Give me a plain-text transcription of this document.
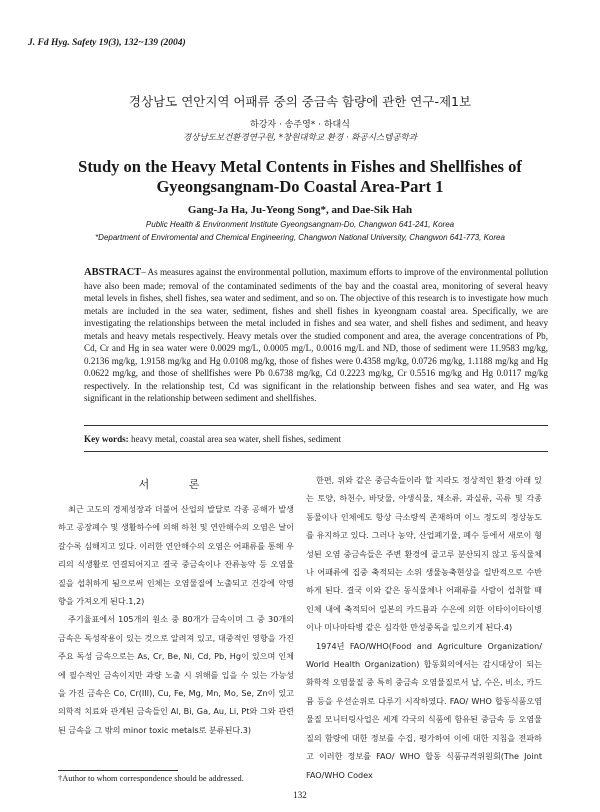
J. Fd Hyg. Safety 19(3), 132~139 (2004)
경상남도 연안지역 어패류 중의 중금속 함량에 관한 연구-제1보
하강자 · 송주영* · 하대식
경상남도보건환경연구원, *창원대학교 환경 · 화공시스템공학과
Study on the Heavy Metal Contents in Fishes and Shellfishes of
Gyeongsangnam-Do Coastal Area-Part 1
Gang-Ja Ha, Ju-Yeong Song*, and Dae-Sik Hah
Public Health & Environment Institute Gyeongsangnam-Do, Changwon 641-241, Korea
*Department of Enviromental and Chemical Engineering, Changwon National University, Changwon 641-773, Korea
ABSTRACT– As measures against the environmental pollution, maximum efforts to improve of the environmental pollution have also been made; removal of the contaminated sediments of the bay and the coastal area, monitoring of several heavy metal levels in fishes, shell fishes, sea water and sediment, and so on. The objective of this research is to investigate how much metals are included in the sea water, sediment, fishes and shell fishes in kyeongnam coastal area. Specifically, we are investigating the relationships between the metal included in fishes and sea water, and shell fishes and sediment, and heavy metals and heavy metals respectively. Heavy metals over the studied component and area, the average concentrations of Pb, Cd, Cr and Hg in sea water were 0.0029 mg/L, 0.0005 mg/L, 0.0016 mg/L and ND, those of sediment were 11.9583 mg/kg, 0.2136 mg/kg, 1.9158 mg/kg and Hg 0.0108 mg/kg, those of fishes were 0.4358 mg/kg, 0.0726 mg/kg, 1.1188 mg/kg and Hg 0.0622 mg/kg, and those of shellfishes were Pb 0.6738 mg/kg, Cd 0.2223 mg/kg, Cr 0.5516 mg/kg and Hg 0.0117 mg/kg respectively. In the relationship test, Cd was significant in the relationship between fishes and sea water, and Hg was significant in the relationship between sediment and shellfishes.
Key words: heavy metal, coastal area sea water, shell fishes, sediment
서 론

최근 고도의 경제성장과 더불어 산업의 발달로 각종 공해가 발생하고 공장폐수 및 생활하수에 의해 하천 및 연안해수의 오염은 날이 갈수록 심해지고 있다. 이러한 연안해수의 오염은 어패류를 통해 우리의 식생활로 연결되어지고 결국 중금속이나 잔류농약 등 오염물질을 섭취하게 됨으로써 인체는 오염물질에 노출되고 건강에 악영향을 가져오게 된다.1,2)

주기율표에서 105개의 원소 중 80개가 금속이며 그 중 30개의 금속은 독성작용이 있는 것으로 알려져 있고, 대중적인 영향을 가진 주요 독성 금속으로는 As, Cr, Be, Ni, Cd, Pb, Hg이 있으며 인체에 필수적인 금속이지만 과량 노출 시 위해를 입을 수 있는 가능성을 가진 금속은 Co, Cr(III), Cu, Fe, Mg, Mn, Mo, Se, Zn이 있고 의학적 치료와 관계된 금속들인 Al, Bi, Ga, Au, Li, Pt와 그와 관련된 금속을 그 밖의 minor toxic metals로 분류된다.3)

한편, 위와 같은 중금속들이라 할 지라도 정상적인 환경 아래 있는 토양, 하천수, 바닷물, 야생식물, 채소류, 과실류, 곡류 및 각종 동물이나 인체에도 항상 극소량씩 존재하며 이느 정도의 정상농도를 유지하고 있다. 그러나 농약, 산업폐기물, 폐수 등에서 새로이 형성된 오염 중금속들은 주변 환경에 골고루 분산되지 않고 동식물체나 어패류에 집중 축적되는 소위 생물농축현상을 일반적으로 수반하게 된다. 결국 이와 같은 동식물체나 어패류를 사람이 섭취할 때 인체 내에 축적되어 일본의 카드뮴과 수은에 의한 이타이이타이병이나 미나마타병 같은 심각한 만성중독을 일으키게 된다.4)

1974년 FAO/WHO(Food and Agriculture Organization/ World Health Organization) 합동회의에서는 감시대상이 되는 화학적 오염물질 중 특히 중금속 오염물질로서 납, 수은, 비소, 카드뮴 등을 우선순위로 다루기 시작하였다. FAO/ WHO 합동식품오염물질 모니터링사업은 세계 각국의 식품에 함유된 중금속 등 오염물질의 함량에 대한 정보를 수집, 평가하여 이에 대한 지침을 전파하고 이러한 정보를 FAO/ WHO 합동 식품규격위원회(The Joint FAO/WHO Codex

†Author to whom correspondence should be addressed.
132
